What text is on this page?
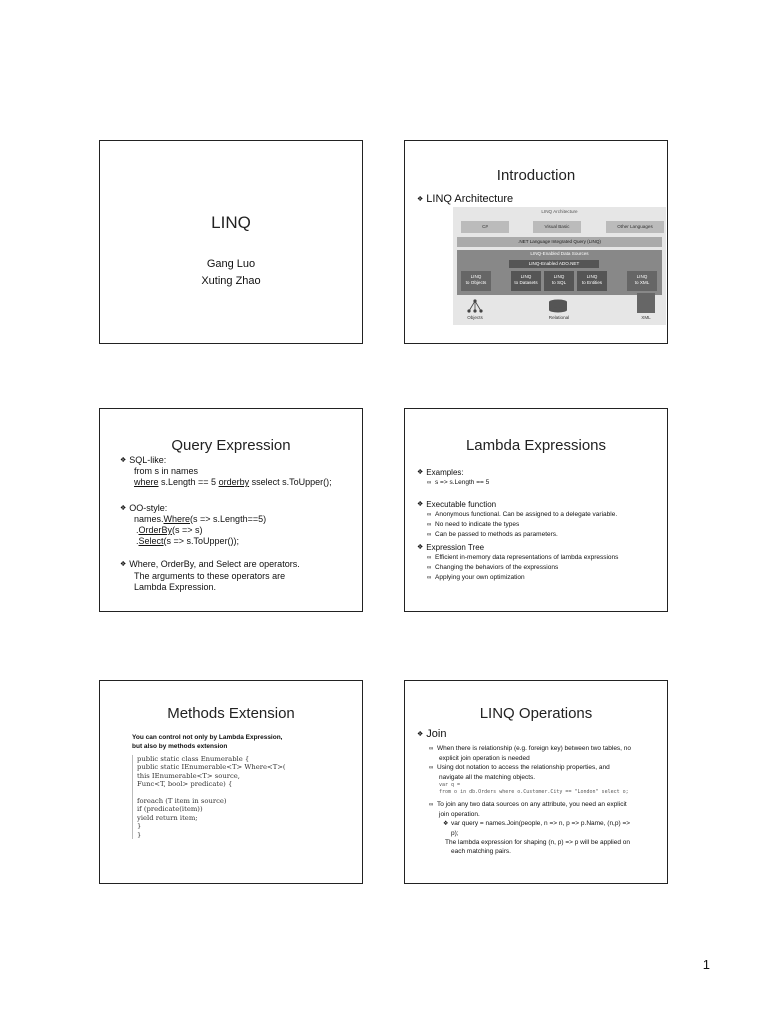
LINQ
Gang Luo
Xuting Zhao
Introduction
❖ LINQ Architecture
LINQ Architecture
C#	Visual Basic	Other Languages
.NET Language Integrated Query (LINQ)
LINQ-Enabled Data Sources
LINQ-Enabled ADO.NET
LINQ
to Objects
LINQ
to Datasets
LINQ
to SQL
LINQ
to Entities
LINQ
to XML
Objects	Relational	XML
Query Expression
❖ SQL-like:
from s in names
where s.Length == 5 orderby sselect s.ToUpper();
❖ OO-style:
names.Where(s => s.Length==5)
.OrderBy(s => s)
.Select(s => s.ToUpper());
❖ Where, OrderBy, and Select are operators.
The arguments to these operators are
Lambda Expression.
Lambda Expressions
❖ Examples:
∞ s => s.Length == 5
❖ Executable function
∞ Anonymous functional. Can be assigned to a delegate variable.
∞ No need to indicate the types
∞ Can be passed to methods as parameters.
❖ Expression Tree
∞ Efficient in-memory data representations of lambda expressions
∞ Changing the behaviors of the expressions
∞ Applying your own optimization
Methods Extension
You can control not only by Lambda Expression,
but also by methods extension
public static class Enumerable {
public static IEnumerable<T> Where<T>(
this IEnumerable<T> source,
Func<T, bool> predicate) {
foreach (T item in source)
if (predicate(item))
yield return item;
}
}
LINQ Operations
❖ Join
∞ When there is relationship (e.g. foreign key) between two tables, no
explicit join operation is needed
∞ Using dot notation to access the relationship properties, and
navigate all the matching objects.
var q =
from o in db.Orders where o.Customer.City == "London" select o;
∞ To join any two data sources on any attribute, you need an explicit
join operation.
❖ var query = names.Join(people, n => n, p => p.Name, (n,p) =>
p);
The lambda expression for shaping (n, p) => p will be applied on
each matching pairs.
1
